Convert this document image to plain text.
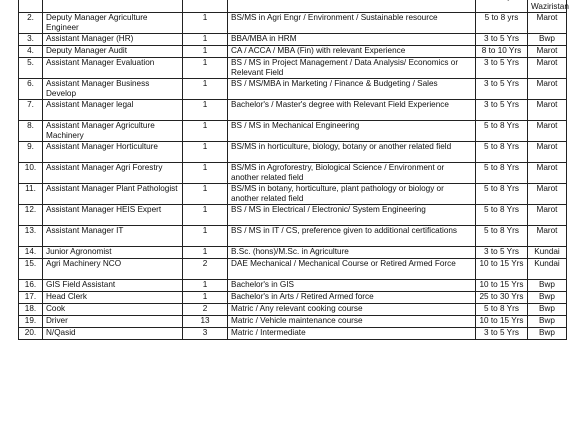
					Waziristan
2.	Deputy Manager Agriculture Engineer	1	BS/MS in Agri Engr / Environment / Sustainable resource	5 to 8 yrs	Marot
3.	Assistant Manager (HR)	1	BBA/MBA in HRM	3 to 5 Yrs	Bwp
4.	Deputy Manager Audit	1	CA / ACCA / MBA (Fin) with relevant Experience	8 to 10 Yrs	Marot
5.	Assistant Manager Evaluation	1	BS / MS in Project Management / Data Analysis/ Economics or Relevant Field	3 to 5 Yrs	Marot
6.	Assistant Manager Business Develop	1	BS / MS/MBA in Marketing / Finance & Budgeting / Sales	3 to 5 Yrs	Marot
7.	Assistant Manager legal	1	Bachelor's / Master's degree with Relevant Field Experience	3 to 5 Yrs	Marot
8.	Assistant Manager Agriculture Machinery	1	BS / MS in Mechanical Engineering	5 to 8 Yrs	Marot
9.	Assistant Manager Horticulture	1	BS/MS in horticulture, biology, botany or another related field	5 to 8 Yrs	Marot
10.	Assistant Manager Agri Forestry	1	BS/MS in Agroforestry, Biological Science / Environment or another related field	5 to 8 Yrs	Marot
11.	Assistant Manager Plant Pathologist	1	BS/MS in botany, horticulture, plant pathology or biology or another related field	5 to 8 Yrs	Marot
12.	Assistant Manager HEIS Expert	1	BS / MS in Electrical / Electronic/ System Engineering	5 to 8 Yrs	Marot
13.	Assistant Manager IT	1	BS / MS in IT / CS, preference given to additional certifications	5 to 8 Yrs	Marot
14.	Junior Agronomist	1	B.Sc. (hons)/M.Sc. in Agriculture	3 to 5 Yrs	Kundai
15.	Agri Machinery NCO	2	DAE Mechanical / Mechanical Course or Retired Armed Force	10 to 15 Yrs	Kundai
16.	GIS Field Assistant	1	Bachelor's in GIS	10 to 15 Yrs	Bwp
17.	Head Clerk	1	Bachelor's in Arts / Retired Armed force	25 to 30 Yrs	Bwp
18.	Cook	2	Matric / Any relevant cooking course	5 to 8 Yrs	Bwp
19.	Driver	13	Matric / Vehicle maintenance course	10 to 15 Yrs	Bwp
20.	N/Qasid	3	Matric / Intermediate	3 to 5 Yrs	Bwp
